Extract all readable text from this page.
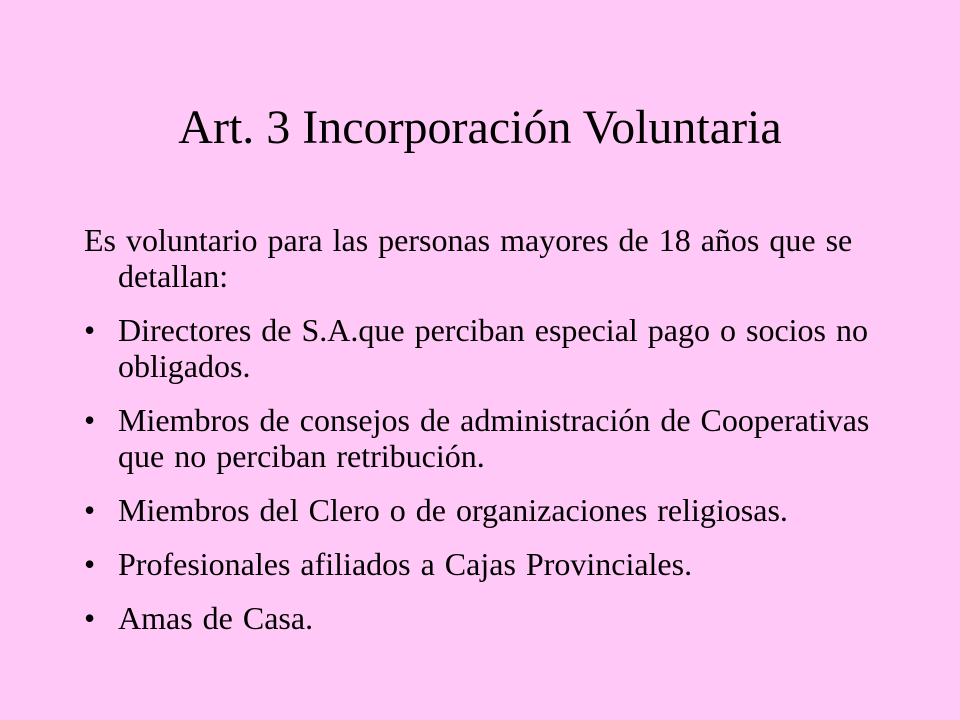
Art. 3 Incorporación Voluntaria

Es voluntario para las personas mayores de 18 años que se detallan:

• Directores de S.A.que perciban especial pago o socios no obligados.
• Miembros de consejos de administración de Cooperativas que no perciban retribución.
• Miembros del Clero o de organizaciones religiosas.
• Profesionales afiliados a Cajas Provinciales.
• Amas de Casa.
